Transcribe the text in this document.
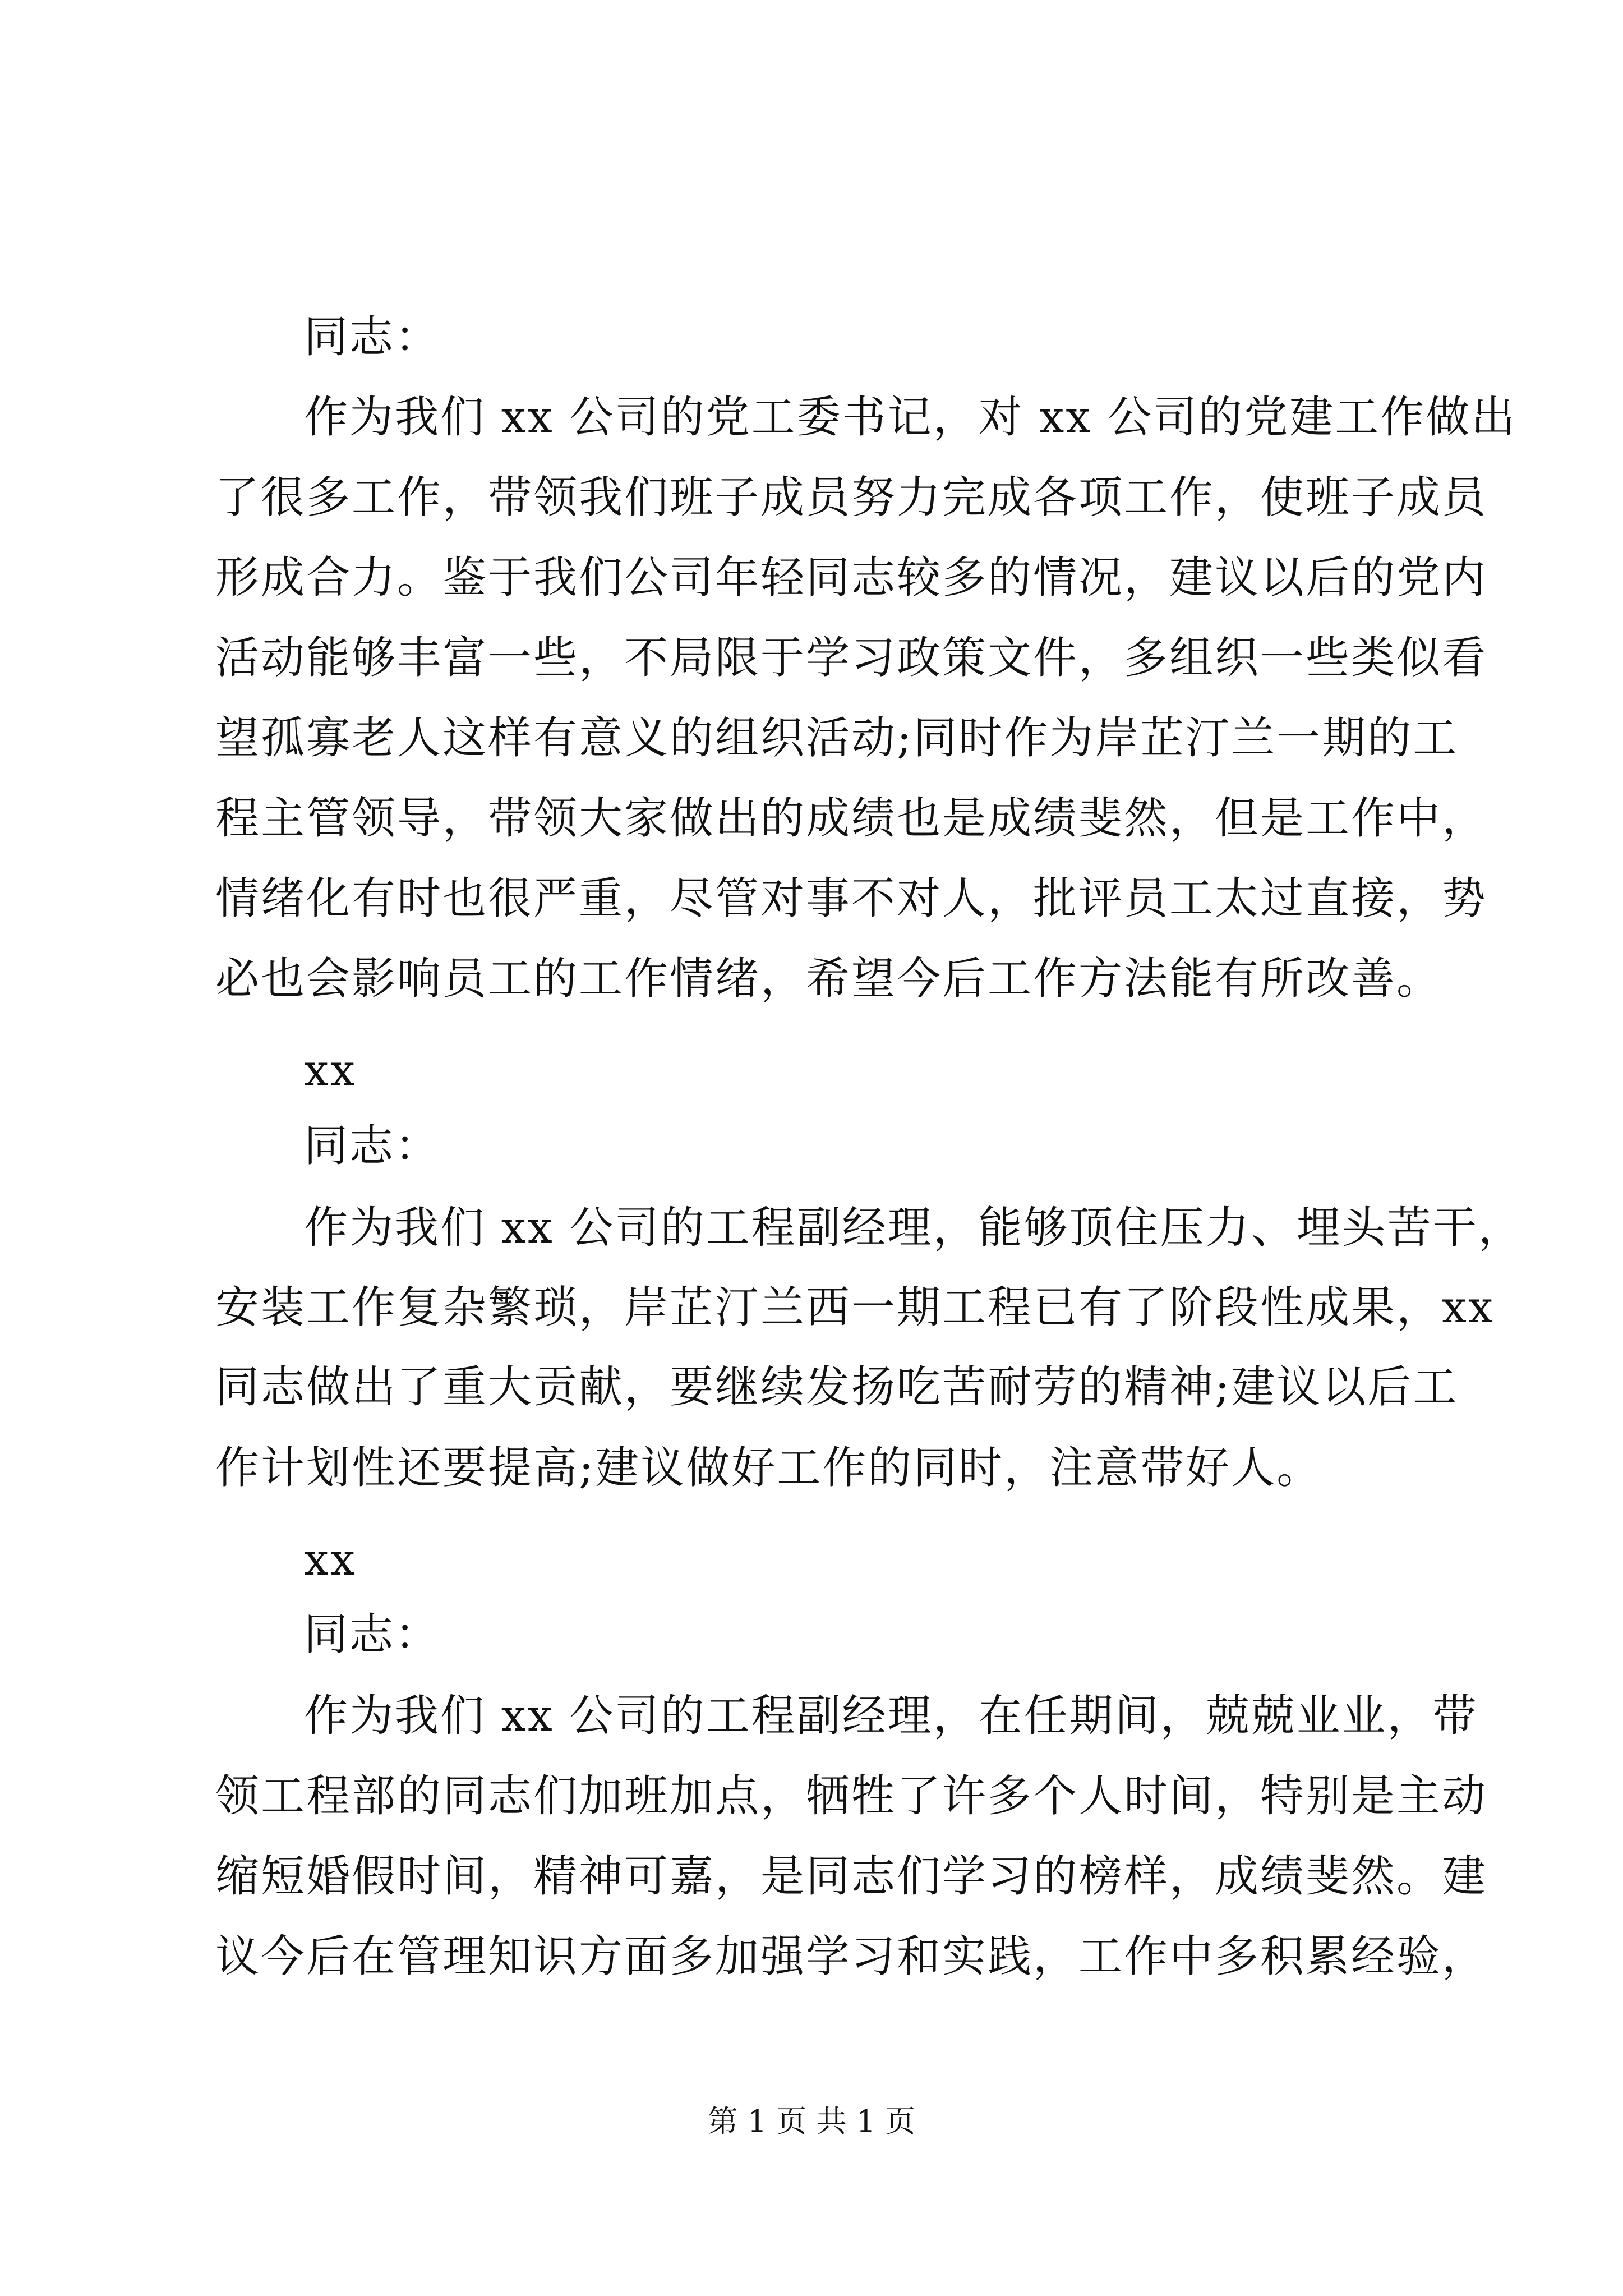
同志：
作为我们 xx 公司的党工委书记，对 xx 公司的党建工作做出
了很多工作，带领我们班子成员努力完成各项工作，使班子成员
形成合力。鉴于我们公司年轻同志较多的情况，建议以后的党内
活动能够丰富一些，不局限于学习政策文件，多组织一些类似看
望孤寡老人这样有意义的组织活动;同时作为岸芷汀兰一期的工
程主管领导，带领大家做出的成绩也是成绩斐然，但是工作中，
情绪化有时也很严重，尽管对事不对人，批评员工太过直接，势
必也会影响员工的工作情绪，希望今后工作方法能有所改善。
xx
同志：
作为我们 xx 公司的工程副经理，能够顶住压力、埋头苦干，
安装工作复杂繁琐，岸芷汀兰西一期工程已有了阶段性成果，xx
同志做出了重大贡献，要继续发扬吃苦耐劳的精神;建议以后工
作计划性还要提高;建议做好工作的同时，注意带好人。
xx
同志：
作为我们 xx 公司的工程副经理，在任期间，兢兢业业，带
领工程部的同志们加班加点，牺牲了许多个人时间，特别是主动
缩短婚假时间，精神可嘉，是同志们学习的榜样，成绩斐然。建
议今后在管理知识方面多加强学习和实践，工作中多积累经验，
第 1 页 共 1 页
